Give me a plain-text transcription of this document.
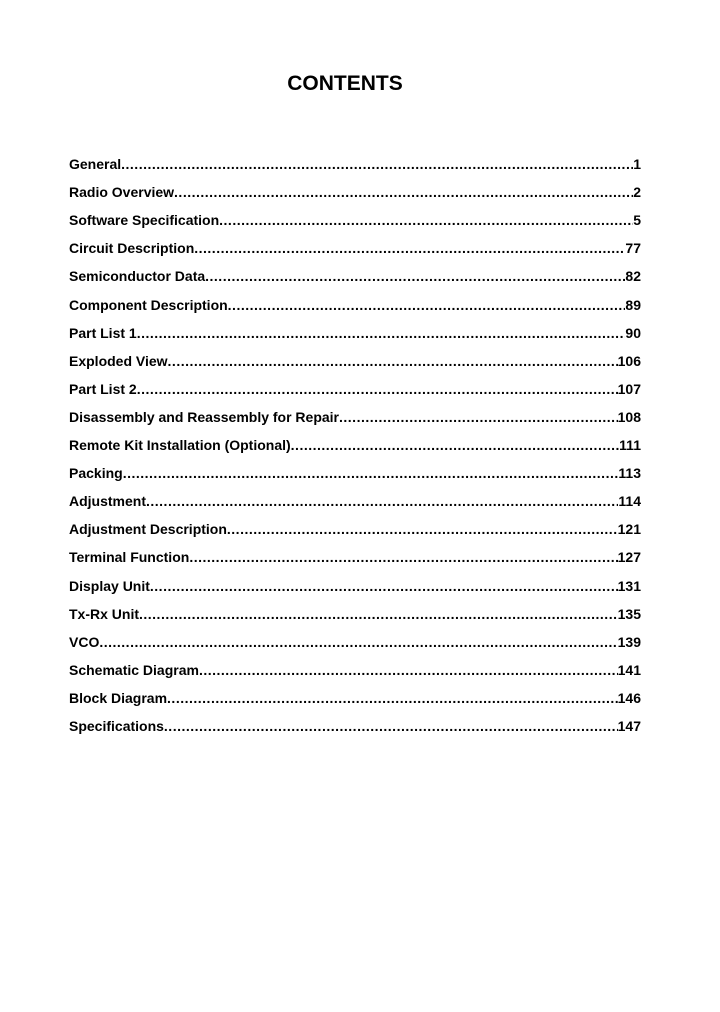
CONTENTS
General .....	1
Radio Overview .....	2
Software Specification .....	5
Circuit Description .....	77
Semiconductor Data .....	82
Component Description .....	89
Part List 1 .....	90
Exploded View .....	106
Part List 2 .....	107
Disassembly and Reassembly for Repair .....	108
Remote Kit Installation (Optional) .....	111
Packing .....	113
Adjustment .....	114
Adjustment Description .....	121
Terminal Function .....	127
Display Unit .....	131
Tx-Rx Unit .....	135
VCO .....	139
Schematic Diagram .....	141
Block Diagram .....	146
Specifications .....	147
